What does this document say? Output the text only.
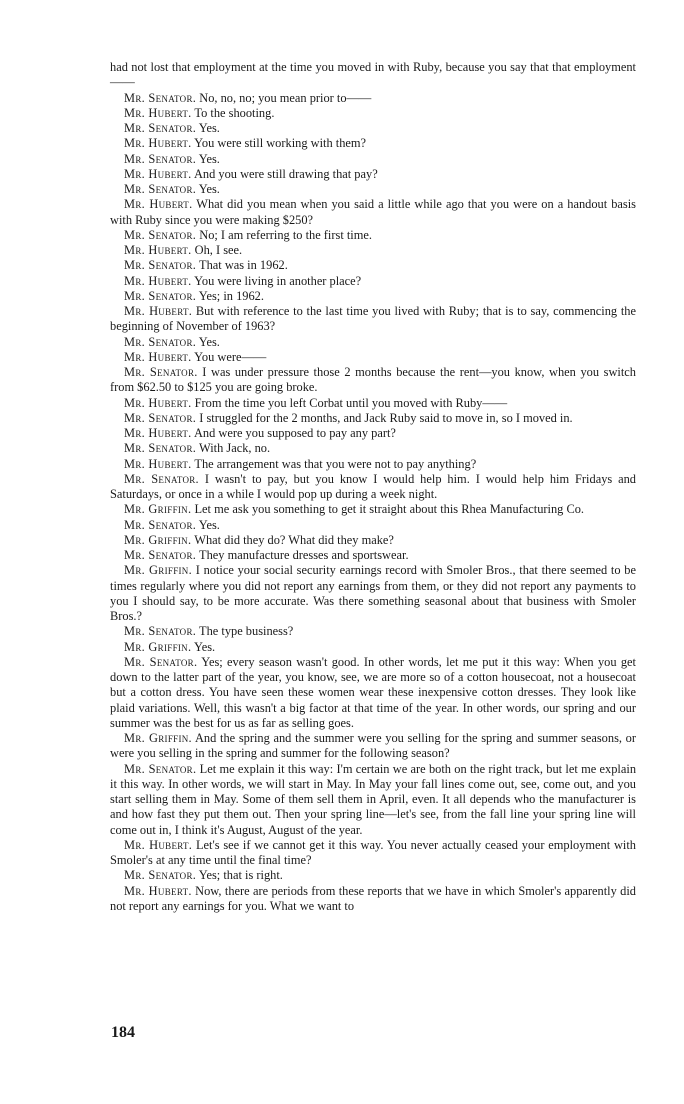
had not lost that employment at the time you moved in with Ruby, because you say that that employment——

Mr. Senator. No, no, no; you mean prior to——

Mr. Hubert. To the shooting.

Mr. Senator. Yes.

Mr. Hubert. You were still working with them?

Mr. Senator. Yes.

Mr. Hubert. And you were still drawing that pay?

Mr. Senator. Yes.

Mr. Hubert. What did you mean when you said a little while ago that you were on a handout basis with Ruby since you were making $250?

Mr. Senator. No; I am referring to the first time.

Mr. Hubert. Oh, I see.

Mr. Senator. That was in 1962.

Mr. Hubert. You were living in another place?

Mr. Senator. Yes; in 1962.

Mr. Hubert. But with reference to the last time you lived with Ruby; that is to say, commencing the beginning of November of 1963?

Mr. Senator. Yes.

Mr. Hubert. You were——

Mr. Senator. I was under pressure those 2 months because the rent—you know, when you switch from $62.50 to $125 you are going broke.

Mr. Hubert. From the time you left Corbat until you moved with Ruby——

Mr. Senator. I struggled for the 2 months, and Jack Ruby said to move in, so I moved in.

Mr. Hubert. And were you supposed to pay any part?

Mr. Senator. With Jack, no.

Mr. Hubert. The arrangement was that you were not to pay anything?

Mr. Senator. I wasn't to pay, but you know I would help him. I would help him Fridays and Saturdays, or once in a while I would pop up during a week night.

Mr. Griffin. Let me ask you something to get it straight about this Rhea Manufacturing Co.

Mr. Senator. Yes.

Mr. Griffin. What did they do? What did they make?

Mr. Senator. They manufacture dresses and sportswear.

Mr. Griffin. I notice your social security earnings record with Smoler Bros., that there seemed to be times regularly where you did not report any earnings from them, or they did not report any payments to you I should say, to be more accurate. Was there something seasonal about that business with Smoler Bros.?

Mr. Senator. The type business?

Mr. Griffin. Yes.

Mr. Senator. Yes; every season wasn't good. In other words, let me put it this way: When you get down to the latter part of the year, you know, see, we are more so of a cotton housecoat, not a housecoat but a cotton dress. You have seen these women wear these inexpensive cotton dresses. They look like plaid variations. Well, this wasn't a big factor at that time of the year. In other words, our spring and our summer was the best for us as far as selling goes.

Mr. Griffin. And the spring and the summer were you selling for the spring and summer seasons, or were you selling in the spring and summer for the following season?

Mr. Senator. Let me explain it this way: I'm certain we are both on the right track, but let me explain it this way. In other words, we will start in May. In May your fall lines come out, see, come out, and you start selling them in May. Some of them sell them in April, even. It all depends who the manufacturer is and how fast they put them out. Then your spring line—let's see, from the fall line your spring line will come out in, I think it's August, August of the year.

Mr. Hubert. Let's see if we cannot get it this way. You never actually ceased your employment with Smoler's at any time until the final time?

Mr. Senator. Yes; that is right.

Mr. Hubert. Now, there are periods from these reports that we have in which Smoler's apparently did not report any earnings for you. What we want to

184
